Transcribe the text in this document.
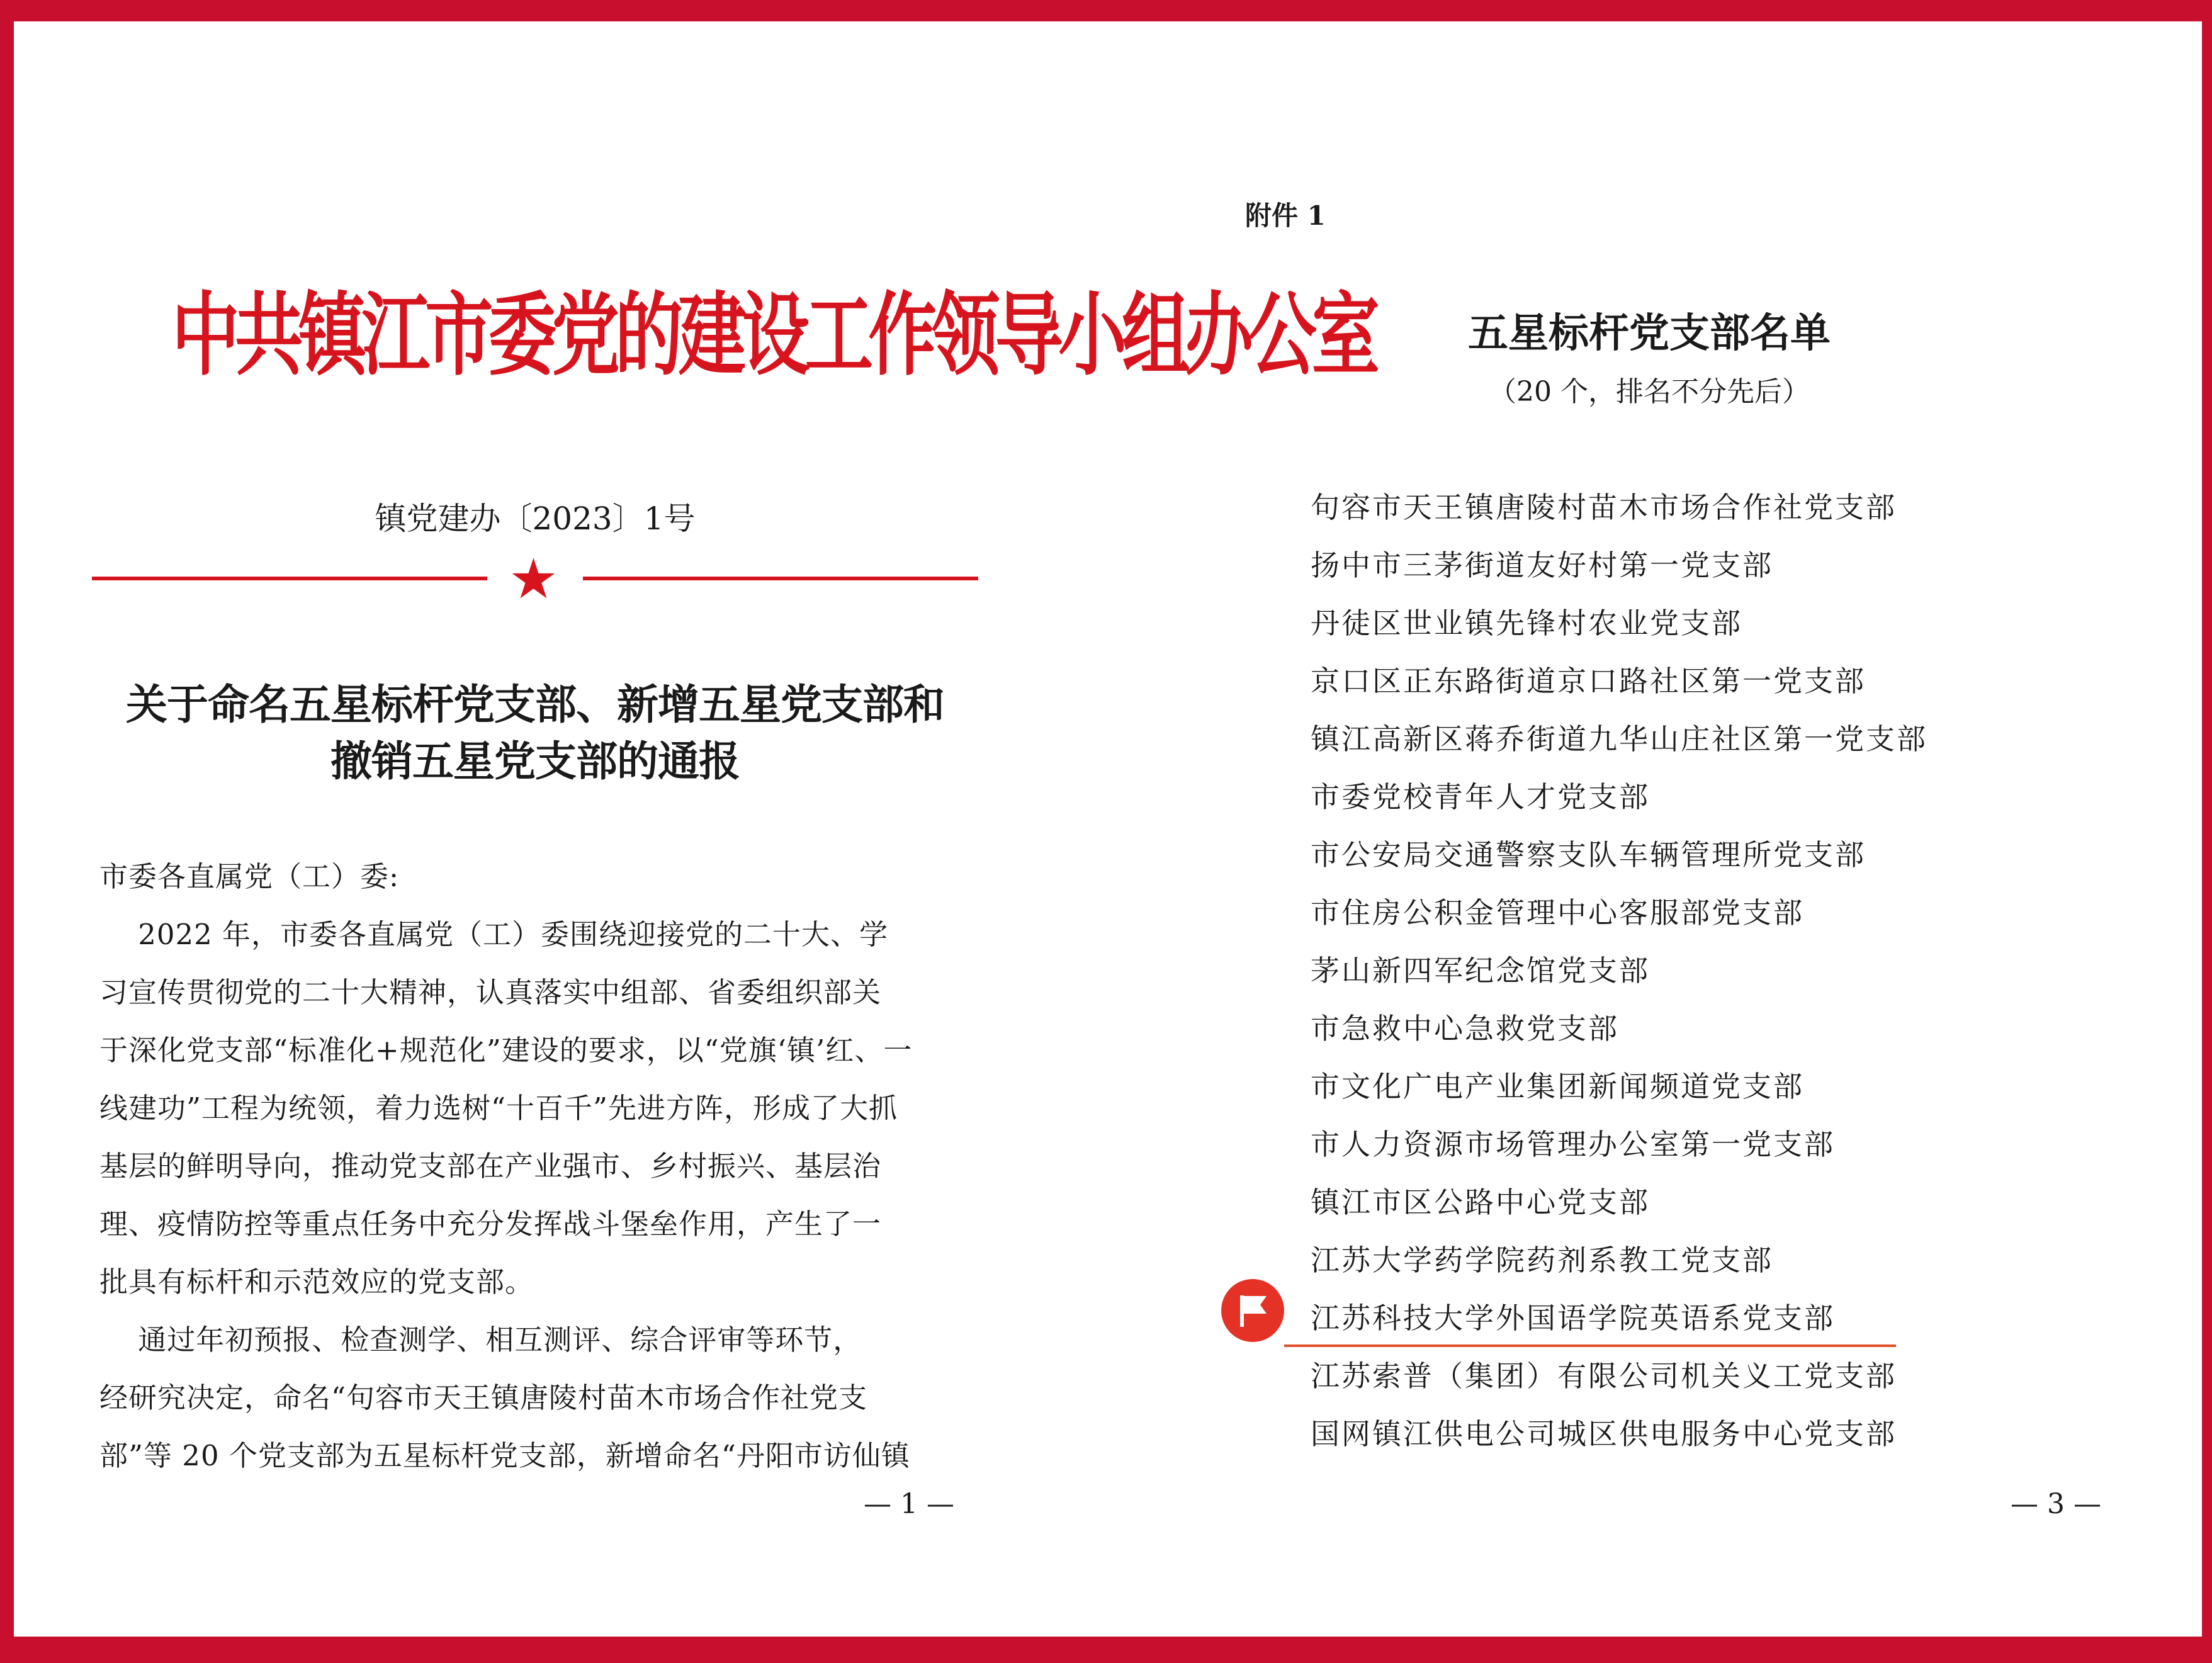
中共镇江市委党的建设工作领导小组办公室
镇党建办〔2023〕1号
★
关于命名五星标杆党支部、新增五星党支部和
撤销五星党支部的通报
市委各直属党（工）委:
2022 年，市委各直属党（工）委围绕迎接党的二十大、学
习宣传贯彻党的二十大精神，认真落实中组部、省委组织部关
于深化党支部“标准化+规范化”建设的要求，以“党旗‘镇’红、一
线建功”工程为统领，着力选树“十百千”先进方阵，形成了大抓
基层的鲜明导向，推动党支部在产业强市、乡村振兴、基层治
理、疫情防控等重点任务中充分发挥战斗堡垒作用，产生了一
批具有标杆和示范效应的党支部。
通过年初预报、检查测学、相互测评、综合评审等环节，
经研究决定，命名“句容市天王镇唐陵村苗木市场合作社党支
部”等 20 个党支部为五星标杆党支部，新增命名“丹阳市访仙镇
— 1 —
附件 1
五星标杆党支部名单
（20 个，排名不分先后）
句容市天王镇唐陵村苗木市场合作社党支部
扬中市三茅街道友好村第一党支部
丹徒区世业镇先锋村农业党支部
京口区正东路街道京口路社区第一党支部
镇江高新区蒋乔街道九华山庄社区第一党支部
市委党校青年人才党支部
市公安局交通警察支队车辆管理所党支部
市住房公积金管理中心客服部党支部
茅山新四军纪念馆党支部
市急救中心急救党支部
市文化广电产业集团新闻频道党支部
市人力资源市场管理办公室第一党支部
镇江市区公路中心党支部
江苏大学药学院药剂系教工党支部
江苏科技大学外国语学院英语系党支部
江苏索普（集团）有限公司机关义工党支部
国网镇江供电公司城区供电服务中心党支部
— 3 —
